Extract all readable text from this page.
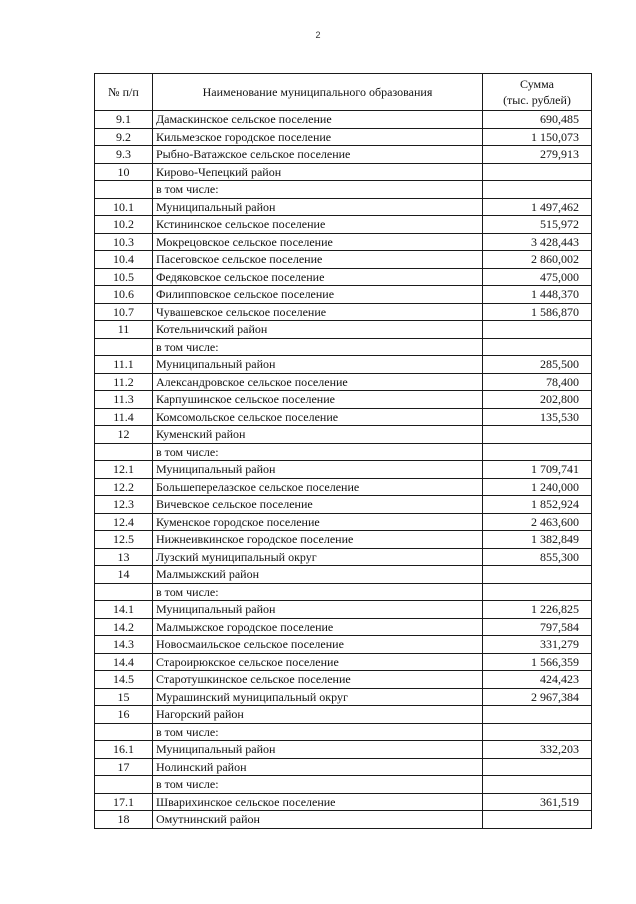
2
№ п/п	Наименование муниципального образования	Сумма
(тыс. рублей)
9.1	Дамаскинское сельское поселение	690,485
9.2	Кильмезское городское поселение	1 150,073
9.3	Рыбно-Ватажское сельское поселение	279,913
10	Кирово-Чепецкий район	
	в том числе:	
10.1	Муниципальный район	1 497,462
10.2	Кстининское сельское поселение	515,972
10.3	Мокрецовское сельское поселение	3 428,443
10.4	Пасеговское сельское поселение	2 860,002
10.5	Федяковское сельское поселение	475,000
10.6	Филипповское сельское поселение	1 448,370
10.7	Чувашевское сельское поселение	1 586,870
11	Котельничский район	
	в том числе:	
11.1	Муниципальный район	285,500
11.2	Александровское сельское поселение	78,400
11.3	Карпушинское сельское поселение	202,800
11.4	Комсомольское сельское поселение	135,530
12	Куменский район	
	в том числе:	
12.1	Муниципальный район	1 709,741
12.2	Большеперелазское сельское поселение	1 240,000
12.3	Вичевское сельское поселение	1 852,924
12.4	Куменское городское поселение	2 463,600
12.5	Нижнеивкинское городское поселение	1 382,849
13	Лузский муниципальный округ	855,300
14	Малмыжский район	
	в том числе:	
14.1	Муниципальный район	1 226,825
14.2	Малмыжское городское поселение	797,584
14.3	Новосмаильское сельское поселение	331,279
14.4	Староирюкское сельское поселение	1 566,359
14.5	Старотушкинское сельское поселение	424,423
15	Мурашинский муниципальный округ	2 967,384
16	Нагорский район	
	в том числе:	
16.1	Муниципальный район	332,203
17	Нолинский район	
	в том числе:	
17.1	Шварихинское сельское поселение	361,519
18	Омутнинский район	
